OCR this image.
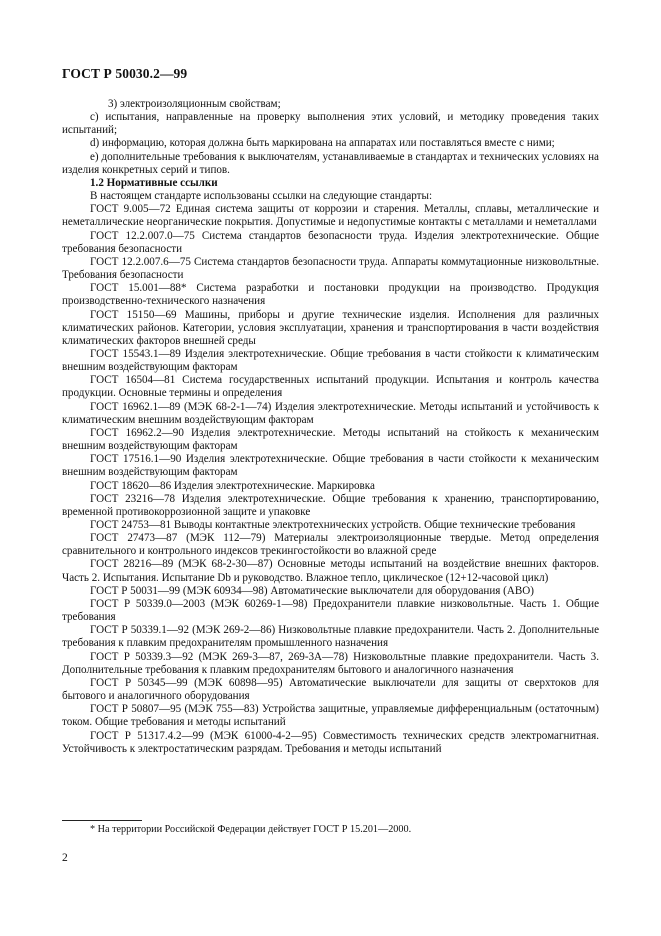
ГОСТ Р 50030.2—99

3) электроизоляционным свойствам;

c) испытания, направленные на проверку выполнения этих условий, и методику проведения таких испытаний;

d) информацию, которая должна быть маркирована на аппаратах или поставляться вместе с ними;

e) дополнительные требования к выключателям, устанавливаемые в стандартах и технических условиях на изделия конкретных серий и типов.

1.2 Нормативные ссылки

В настоящем стандарте использованы ссылки на следующие стандарты:

ГОСТ 9.005—72 Единая система защиты от коррозии и старения. Металлы, сплавы, металлические и неметаллические неорганические покрытия. Допустимые и недопустимые контакты с металлами и неметаллами

ГОСТ 12.2.007.0—75 Система стандартов безопасности труда. Изделия электротехнические. Общие требования безопасности

ГОСТ 12.2.007.6—75 Система стандартов безопасности труда. Аппараты коммутационные низковольтные. Требования безопасности

ГОСТ 15.001—88* Система разработки и постановки продукции на производство. Продукция производственно-технического назначения

ГОСТ 15150—69 Машины, приборы и другие технические изделия. Исполнения для различных климатических районов. Категории, условия эксплуатации, хранения и транспортирования в части воздействия климатических факторов внешней среды

ГОСТ 15543.1—89 Изделия электротехнические. Общие требования в части стойкости к климатическим внешним воздействующим факторам

ГОСТ 16504—81 Система государственных испытаний продукции. Испытания и контроль качества продукции. Основные термины и определения

ГОСТ 16962.1—89 (МЭК 68-2-1—74) Изделия электротехнические. Методы испытаний и устойчивость к климатическим внешним воздействующим факторам

ГОСТ 16962.2—90 Изделия электротехнические. Методы испытаний на стойкость к механическим внешним воздействующим факторам

ГОСТ 17516.1—90 Изделия электротехнические. Общие требования в части стойкости к механическим внешним воздействующим факторам

ГОСТ 18620—86 Изделия электротехнические. Маркировка

ГОСТ 23216—78 Изделия электротехнические. Общие требования к хранению, транспортированию, временной противокоррозионной защите и упаковке

ГОСТ 24753—81 Выводы контактные электротехнических устройств. Общие технические требования

ГОСТ 27473—87 (МЭК 112—79) Материалы электроизоляционные твердые. Метод определения сравнительного и контрольного индексов трекингостойкости во влажной среде

ГОСТ 28216—89 (МЭК 68-2-30—87) Основные методы испытаний на воздействие внешних факторов. Часть 2. Испытания. Испытание Db и руководство. Влажное тепло, циклическое (12+12-часовой цикл)

ГОСТ Р 50031—99 (МЭК 60934—98) Автоматические выключатели для оборудования (АВО)

ГОСТ Р 50339.0—2003 (МЭК 60269-1—98) Предохранители плавкие низковольтные. Часть 1. Общие требования

ГОСТ Р 50339.1—92 (МЭК 269-2—86) Низковольтные плавкие предохранители. Часть 2. Дополнительные требования к плавким предохранителям промышленного назначения

ГОСТ Р 50339.3—92 (МЭК 269-3—87, 269-3А—78) Низковольтные плавкие предохранители. Часть 3. Дополнительные требования к плавким предохранителям бытового и аналогичного назначения

ГОСТ Р 50345—99 (МЭК 60898—95) Автоматические выключатели для защиты от сверхтоков для бытового и аналогичного оборудования

ГОСТ Р 50807—95 (МЭК 755—83) Устройства защитные, управляемые дифференциальным (остаточным) током. Общие требования и методы испытаний

ГОСТ Р 51317.4.2—99 (МЭК 61000-4-2—95) Совместимость технических средств электромагнитная. Устойчивость к электростатическим разрядам. Требования и методы испытаний

* На территории Российской Федерации действует ГОСТ Р 15.201—2000.
2
